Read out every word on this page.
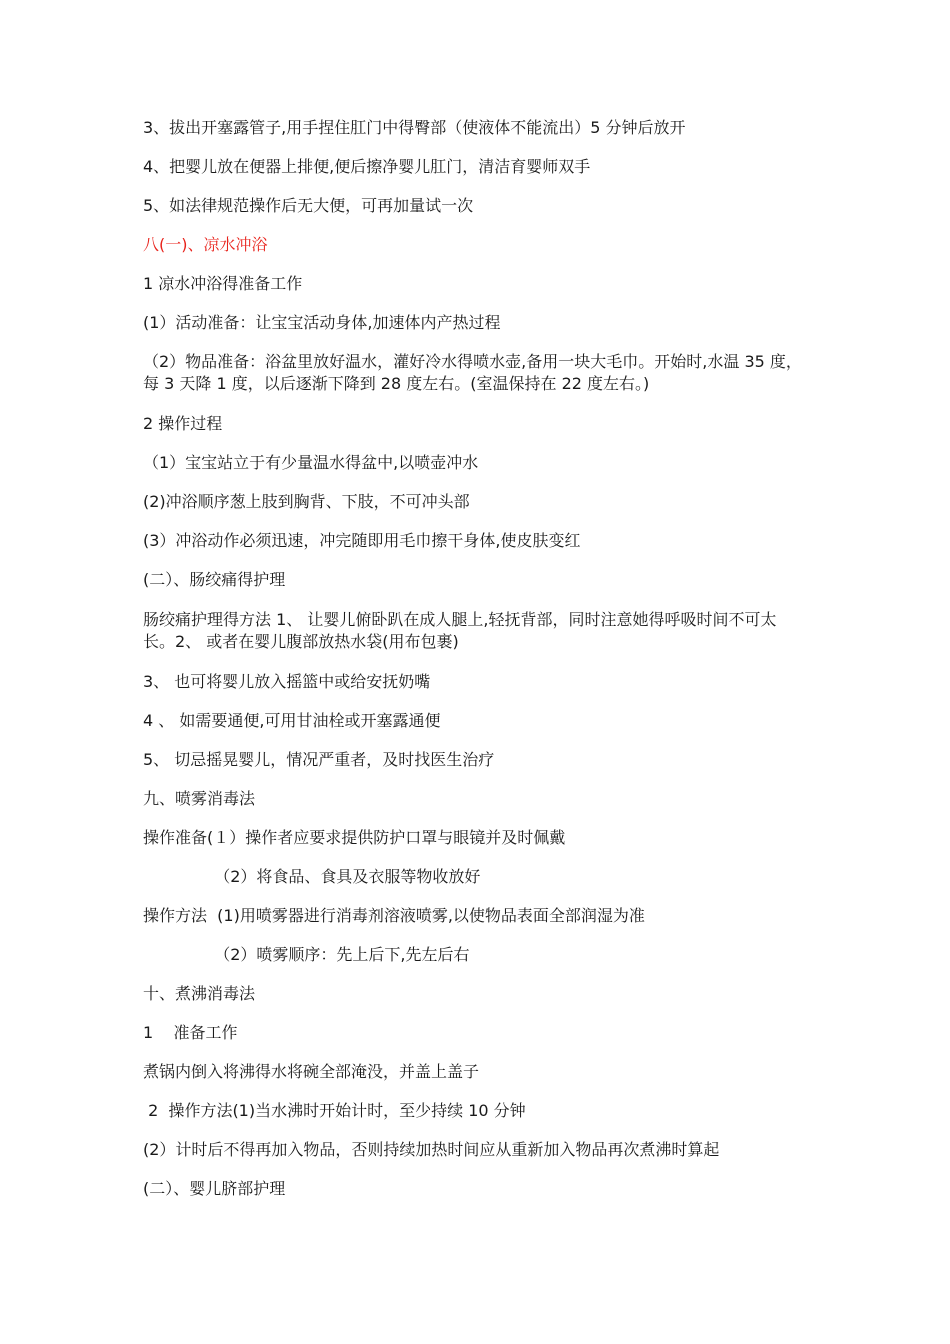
3、拔出开塞露管子,用手捏住肛门中得臀部（使液体不能流出）5 分钟后放开
4、把婴儿放在便器上排便,便后擦净婴儿肛门，清洁育婴师双手
5、如法律规范操作后无大便，可再加量试一次
八(一)、凉水冲浴
1 凉水冲浴得准备工作
(1）活动准备：让宝宝活动身体,加速体内产热过程
（2）物品准备：浴盆里放好温水，灌好冷水得喷水壶,备用一块大毛巾。开始时,水温 35 度，每 3 天降 1 度，以后逐渐下降到 28 度左右。(室温保持在 22 度左右。)
2 操作过程
（1）宝宝站立于有少量温水得盆中,以喷壶冲水
(2)冲浴顺序葱上肢到胸背、下肢，不可冲头部
(3）冲浴动作必须迅速，冲完随即用毛巾擦干身体,使皮肤变红
(二）、肠绞痛得护理
肠绞痛护理得方法 1、 让婴儿俯卧趴在成人腿上,轻抚背部，同时注意她得呼吸时间不可太长。2、 或者在婴儿腹部放热水袋(用布包裹)
3、 也可将婴儿放入摇篮中或给安抚奶嘴
4 、 如需要通便,可用甘油栓或开塞露通便
5、 切忌摇晃婴儿，情况严重者，及时找医生治疗
九、喷雾消毒法
操作准备(１）操作者应要求提供防护口罩与眼镜并及时佩戴
（2）将食品、食具及衣服等物收放好
操作方法  (1)用喷雾器进行消毒剂溶液喷雾,以使物品表面全部润湿为准
（2）喷雾顺序：先上后下,先左后右
十、煮沸消毒法
1    准备工作
煮锅内倒入将沸得水将碗全部淹没，并盖上盖子
2  操作方法(1)当水沸时开始计时，至少持续 10 分钟
(2）计时后不得再加入物品，否则持续加热时间应从重新加入物品再次煮沸时算起
(二）、婴儿脐部护理
